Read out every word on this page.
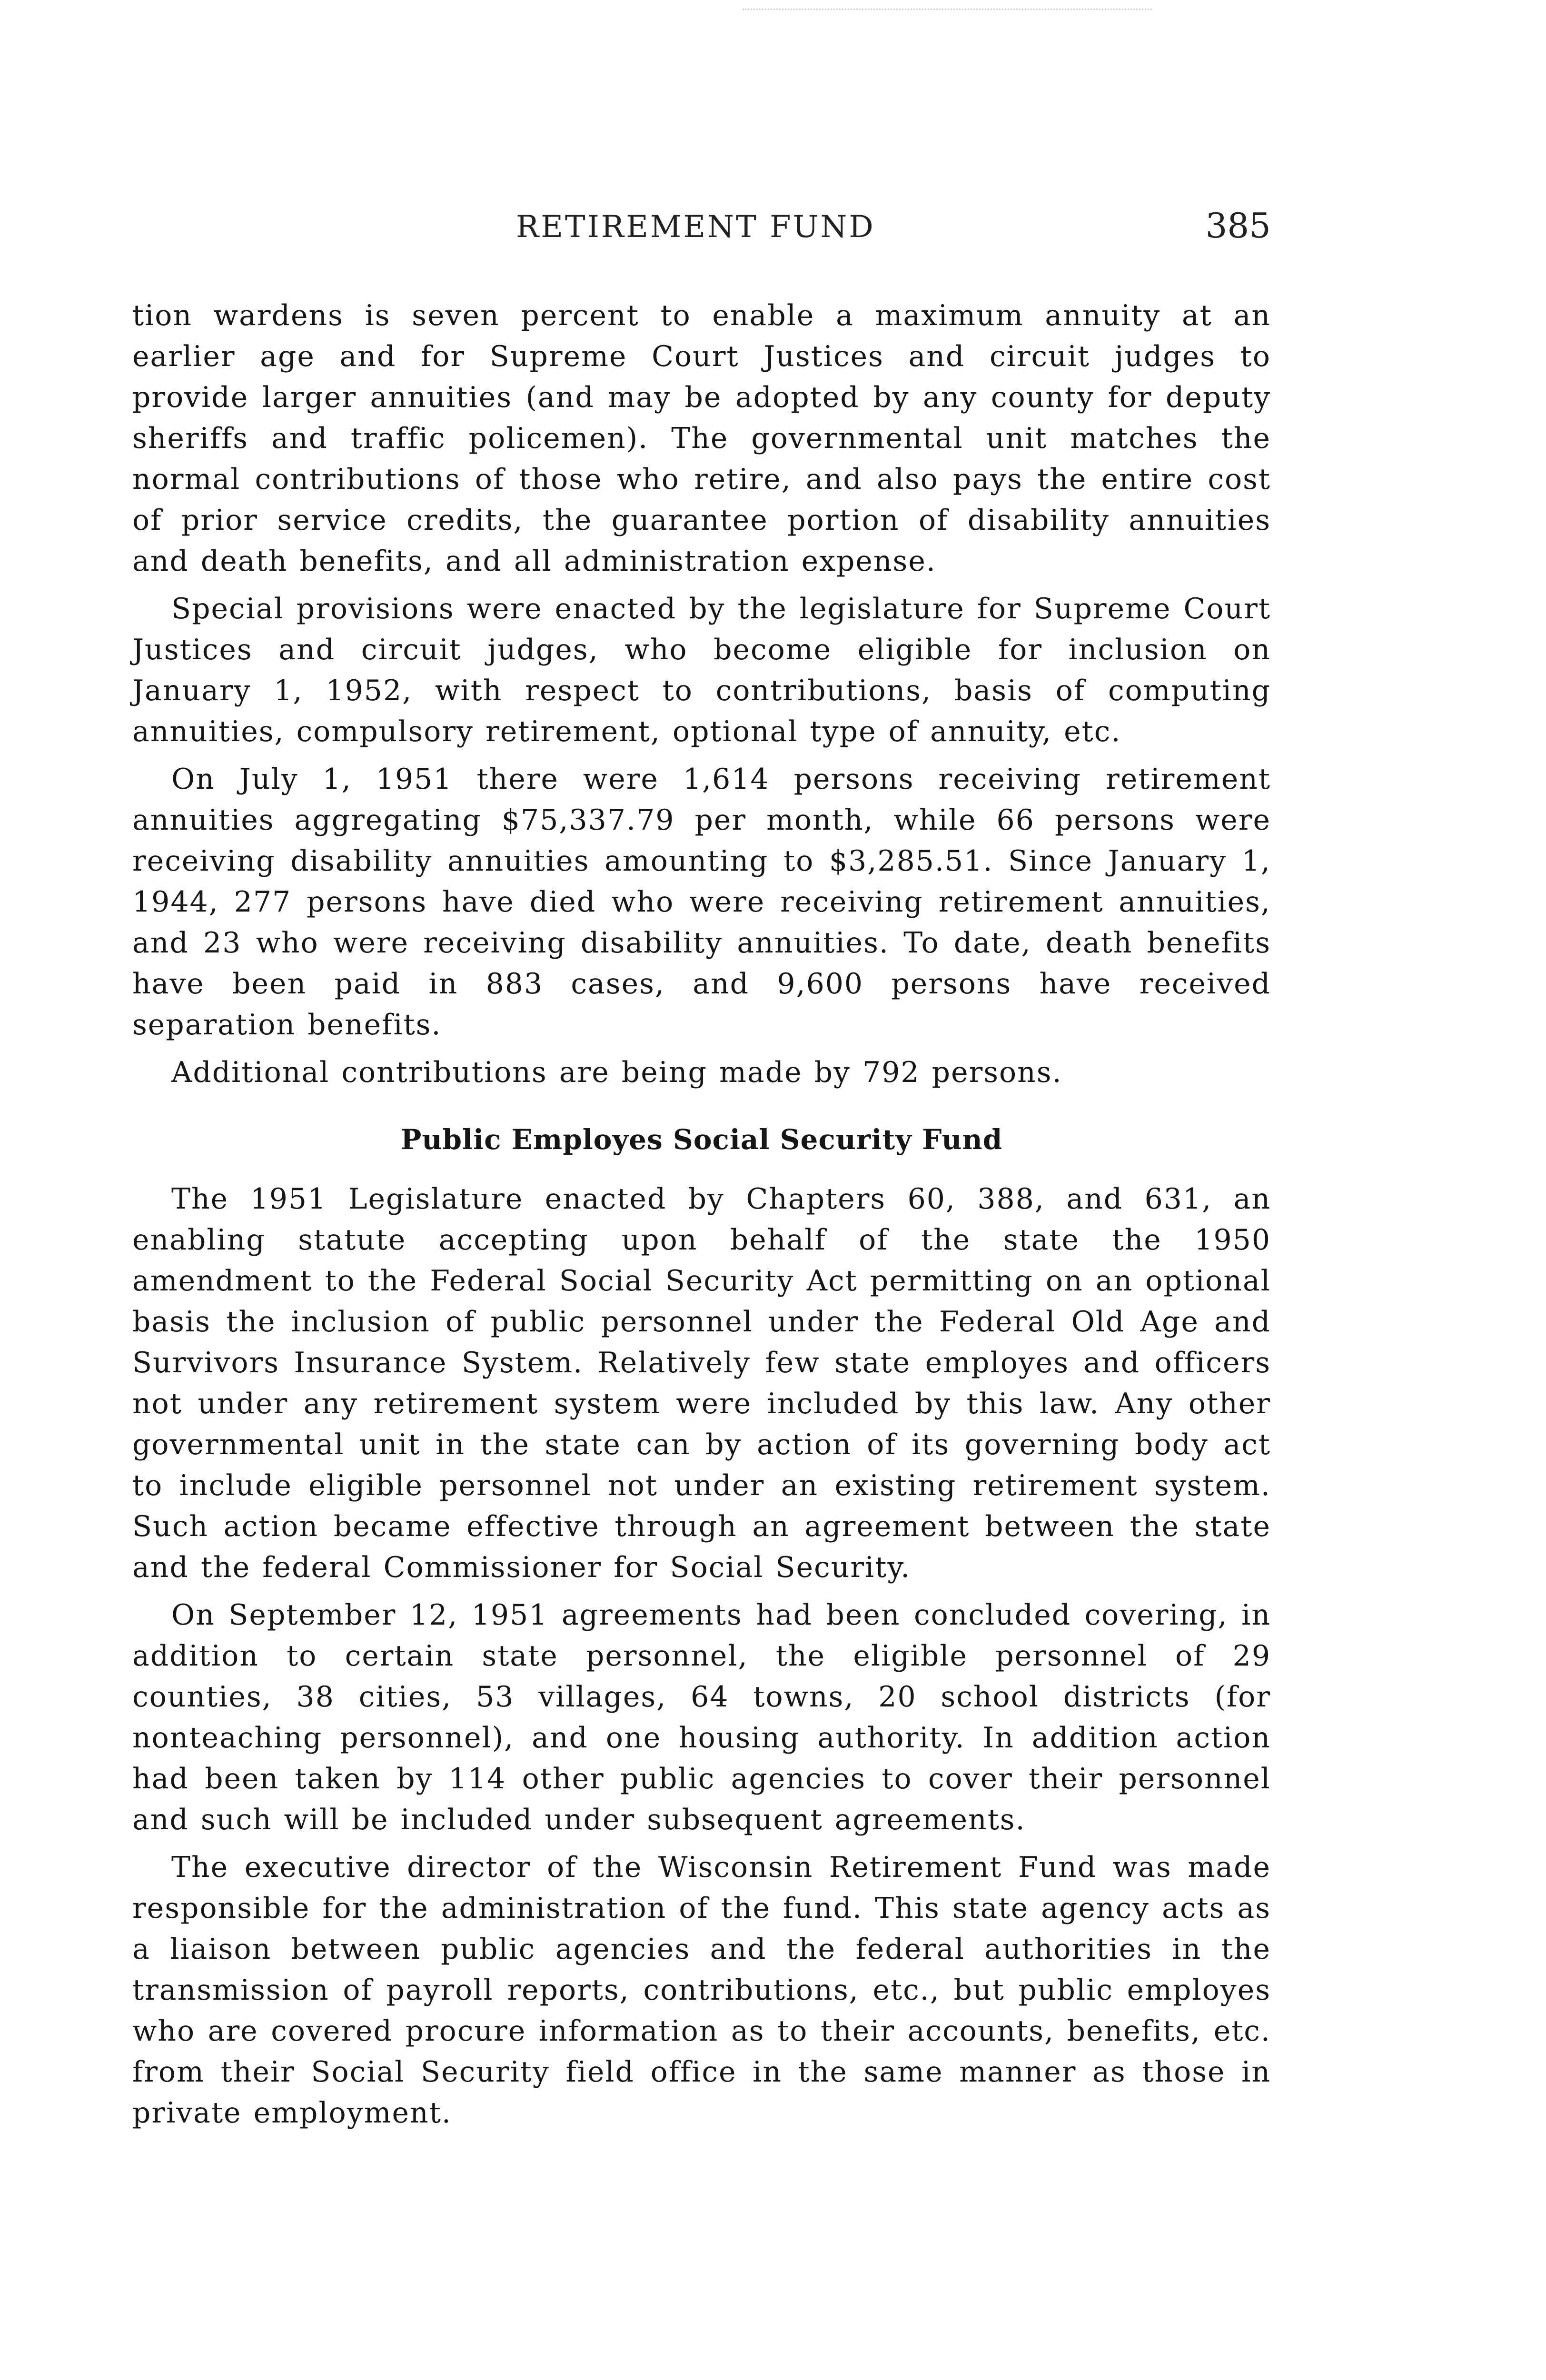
RETIREMENT FUND	385

tion wardens is seven percent to enable a maximum annuity at an earlier age and for Supreme Court Justices and circuit judges to provide larger annuities (and may be adopted by any county for deputy sheriffs and traffic policemen). The governmental unit matches the normal contributions of those who retire, and also pays the entire cost of prior service credits, the guarantee portion of disability annuities and death benefits, and all administration expense.

Special provisions were enacted by the legislature for Supreme Court Justices and circuit judges, who become eligible for inclusion on January 1, 1952, with respect to contributions, basis of computing annuities, compulsory retirement, optional type of annuity, etc.

On July 1, 1951 there were 1,614 persons receiving retirement annuities aggregating $75,337.79 per month, while 66 persons were receiving disability annuities amounting to $3,285.51. Since January 1, 1944, 277 persons have died who were receiving retirement annuities, and 23 who were receiving disability annuities. To date, death benefits have been paid in 883 cases, and 9,600 persons have received separation benefits.

Additional contributions are being made by 792 persons.

Public Employes Social Security Fund

The 1951 Legislature enacted by Chapters 60, 388, and 631, an enabling statute accepting upon behalf of the state the 1950 amendment to the Federal Social Security Act permitting on an optional basis the inclusion of public personnel under the Federal Old Age and Survivors Insurance System. Relatively few state employes and officers not under any retirement system were included by this law. Any other governmental unit in the state can by action of its governing body act to include eligible personnel not under an existing retirement system. Such action became effective through an agreement between the state and the federal Commissioner for Social Security.

On September 12, 1951 agreements had been concluded covering, in addition to certain state personnel, the eligible personnel of 29 counties, 38 cities, 53 villages, 64 towns, 20 school districts (for nonteaching personnel), and one housing authority. In addition action had been taken by 114 other public agencies to cover their personnel and such will be included under subsequent agreements.

The executive director of the Wisconsin Retirement Fund was made responsible for the administration of the fund. This state agency acts as a liaison between public agencies and the federal authorities in the transmission of payroll reports, contributions, etc., but public employes who are covered procure information as to their accounts, benefits, etc. from their Social Security field office in the same manner as those in private employment.
